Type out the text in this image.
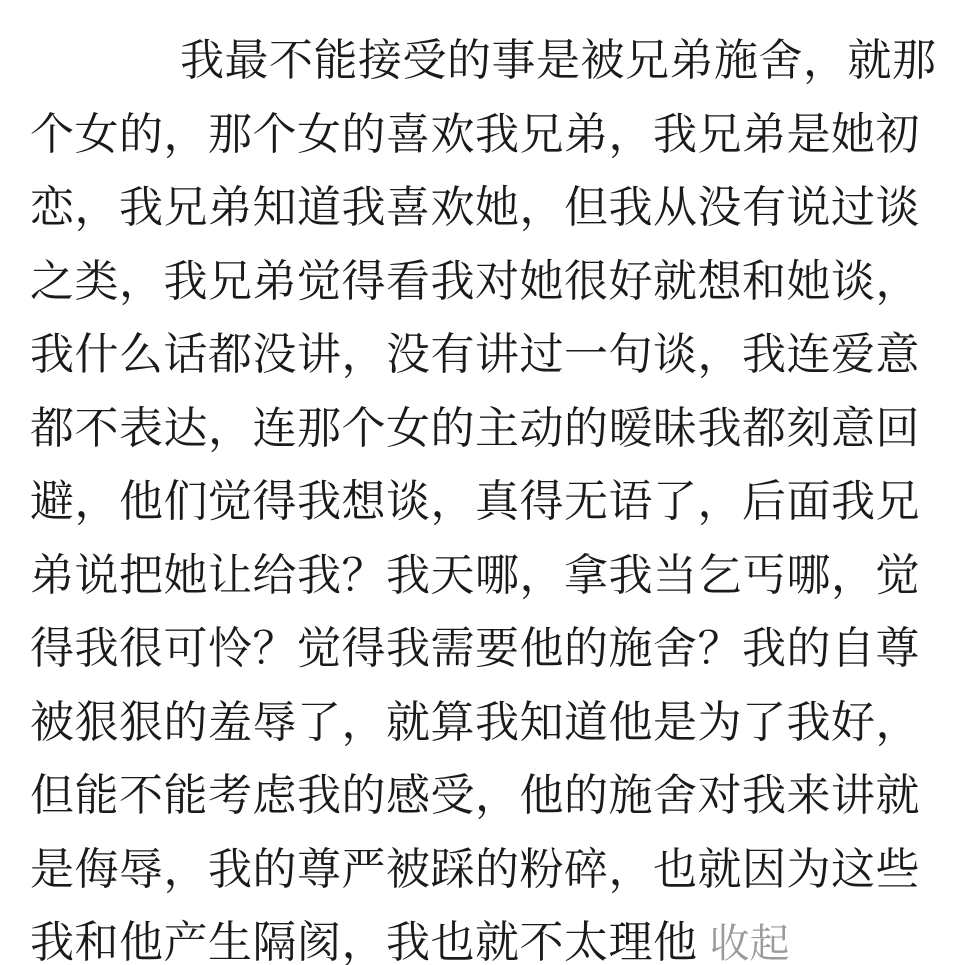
我最不能接受的事是被兄弟施舍，就那个女的，那个女的喜欢我兄弟，我兄弟是她初恋，我兄弟知道我喜欢她，但我从没有说过谈之类，我兄弟觉得看我对她很好就想和她谈，我什么话都没讲，没有讲过一句谈，我连爱意都不表达，连那个女的主动的暧昧我都刻意回避，他们觉得我想谈，真得无语了，后面我兄弟说把她让给我？我天哪，拿我当乞丐哪，觉得我很可怜？觉得我需要他的施舍？我的自尊被狠狠的羞辱了，就算我知道他是为了我好，但能不能考虑我的感受，他的施舍对我来讲就是侮辱，我的尊严被踩的粉碎，也就因为这些我和他产生隔阂，我也就不太理他 收起
